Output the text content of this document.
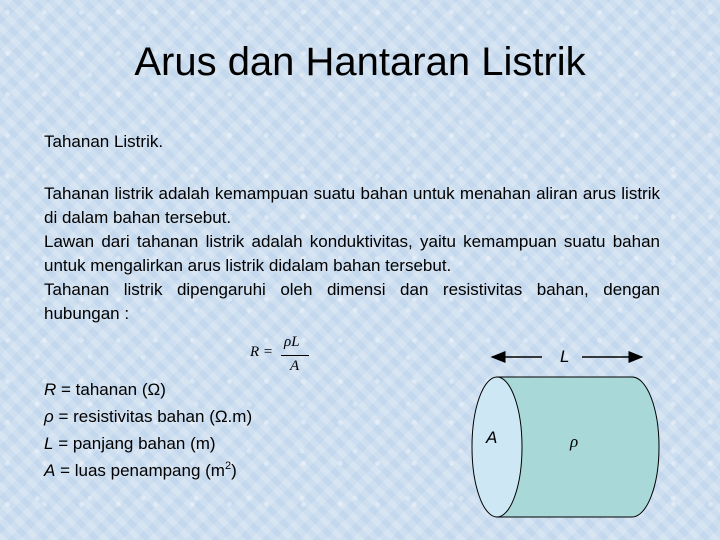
Arus dan Hantaran Listrik
Tahanan Listrik.

Tahanan listrik adalah kemampuan suatu bahan untuk menahan aliran arus listrik di dalam bahan tersebut.

Lawan dari tahanan listrik adalah konduktivitas, yaitu kemampuan suatu bahan untuk mengalirkan arus listrik didalam bahan tersebut.

Tahanan listrik dipengaruhi oleh dimensi dan resistivitas bahan, dengan hubungan :

R =
ρL
A
R = tahanan (Ω)
ρ = resistivitas bahan (Ω.m)
L = panjang bahan (m)
A = luas penampang $(m^2)$
L
A	ρ
